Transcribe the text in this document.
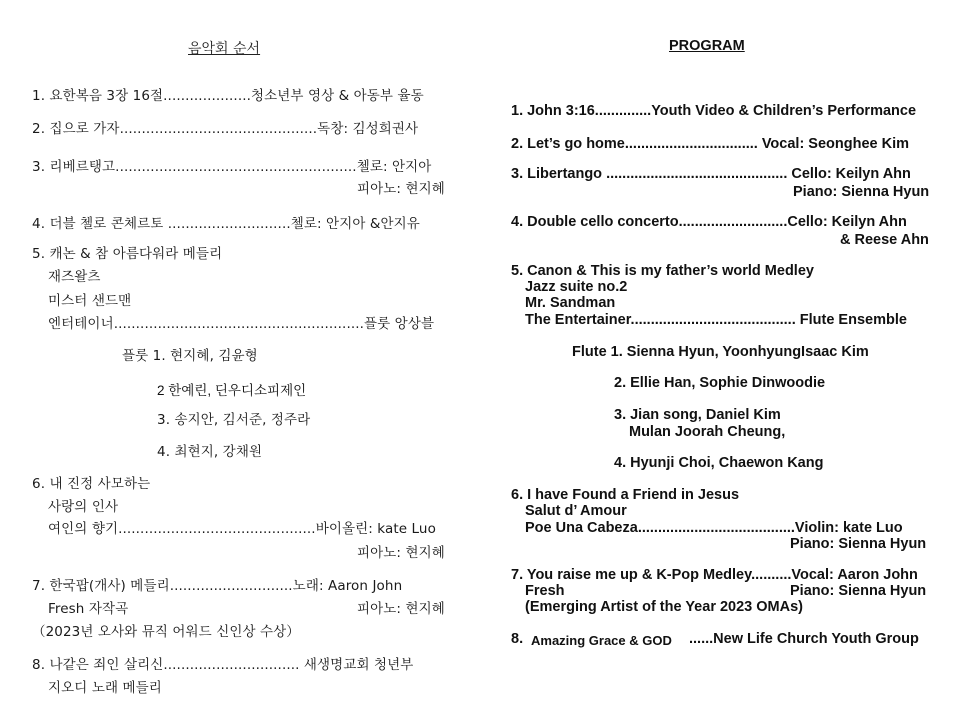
음악회 순서
1. 요한복음 3장 16절....................청소년부 영상 & 아동부 율동
2. 집으로 가자.............................................독창: 김성희권사
3. 리베르탱고.......................................................첼로: 안지아
피아노: 현지혜
4. 더블 첼로 콘체르토 ............................첼로: 안지아 &안지유
5. 캐논 & 참 아름다워라 메들리
재즈왈츠
미스터 샌드맨
엔터테이너.........................................................플룻 앙상블
플룻 1. 현지혜, 김윤형
2 한예린, 딘우디소피제인
3. 송지안, 김서준, 정주라
4. 최현지, 강채원
6. 내 진정 사모하는
사랑의 인사
여인의 향기.............................................바이올린: kate Luo
피아노: 현지혜
7. 한국팝(개사) 메들리............................노래: Aaron John
Fresh 자작곡	피아노: 현지혜
（2023년 오사와 뮤직 어워드 신인상 수상）
8. 나같은 죄인 살리신............................... 새생명교회 청년부
지오디 노래 메들리
PROGRAM
1. John 3:16..............Youth Video & Children’s Performance
2. Let’s go home................................. Vocal: Seonghee Kim
3. Libertango ............................................. Cello: Keilyn Ahn
Piano: Sienna Hyun
4. Double cello concerto...........................Cello: Keilyn Ahn
& Reese Ahn
5. Canon & This is my father’s world Medley
Jazz suite no.2
Mr. Sandman
The Entertainer......................................... Flute Ensemble
Flute 1. Sienna Hyun, YoonhyungIsaac Kim
2. Ellie Han, Sophie Dinwoodie
3. Jian song, Daniel Kim
Mulan Joorah Cheung,
4. Hyunji Choi, Chaewon Kang
6. I have Found a Friend in Jesus
Salut d’ Amour
Poe Una Cabeza.......................................Violin: kate Luo
Piano: Sienna Hyun
7. You raise me up & K-Pop Medley..........Vocal: Aaron John
Fresh	Piano: Sienna Hyun
(Emerging Artist of the Year 2023 OMAs)
8. Amazing Grace & GOD ......New Life Church Youth Group
